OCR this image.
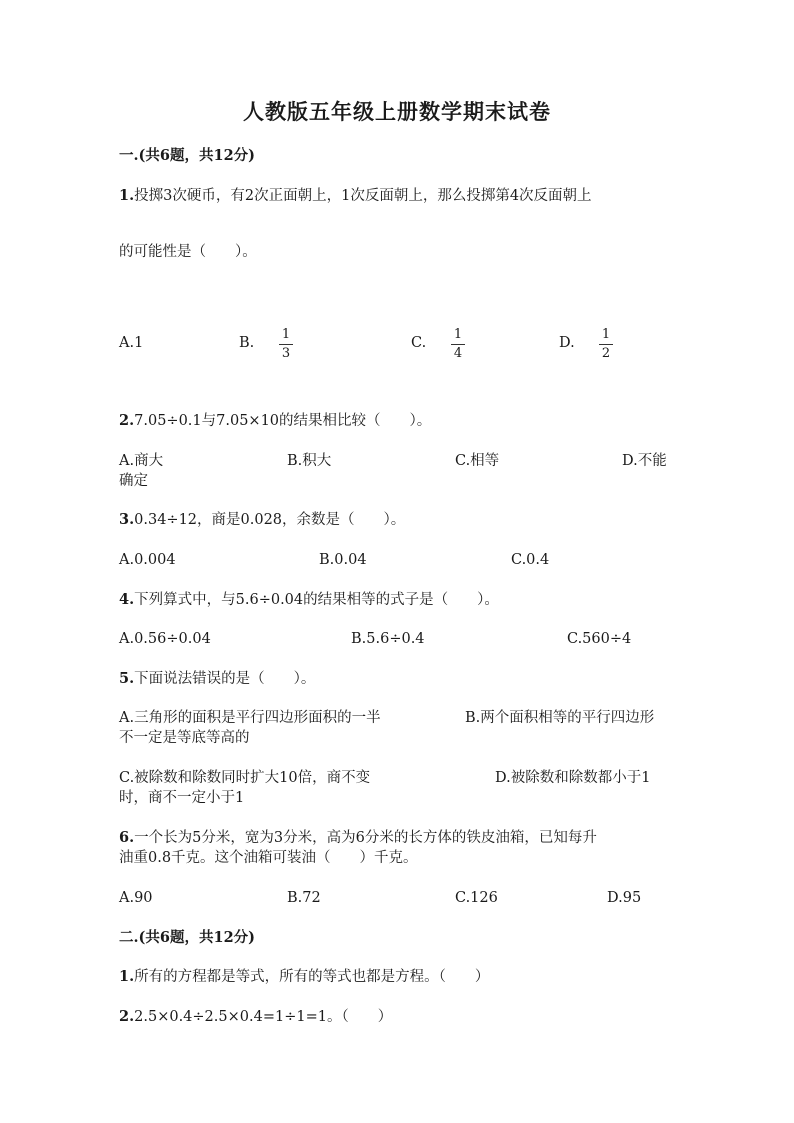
人教版五年级上册数学期末试卷
一.(共6题，共12分)
1.投掷3次硬币，有2次正面朝上，1次反面朝上，那么投掷第4次反面朝上
的可能性是（　　）。
A.1	B.
1
3
C.
1
4
D.
1
2
2.7.05÷0.1与7.05×10的结果相比较（　　）。
A.商大	B.积大	C.相等	D.不能
确定
3.0.34÷12，商是0.028，余数是（　　）。
A.0.004	B.0.04	C.0.4
4.下列算式中，与5.6÷0.04的结果相等的式子是（　　）。
A.0.56÷0.04	B.5.6÷0.4	C.560÷4
5.下面说法错误的是（　　）。
A.三角形的面积是平行四边形面积的一半	B.两个面积相等的平行四边形
不一定是等底等高的
C.被除数和除数同时扩大10倍，商不变	D.被除数和除数都小于1
时，商不一定小于1
6.一个长为5分米，宽为3分米，高为6分米的长方体的铁皮油箱，已知每升
油重0.8千克。这个油箱可装油（　　）千克。
A.90	B.72	C.126	D.95
二.(共6题，共12分)
1.所有的方程都是等式，所有的等式也都是方程。（　　）
2.2.5×0.4÷2.5×0.4=1÷1=1。（　　）
